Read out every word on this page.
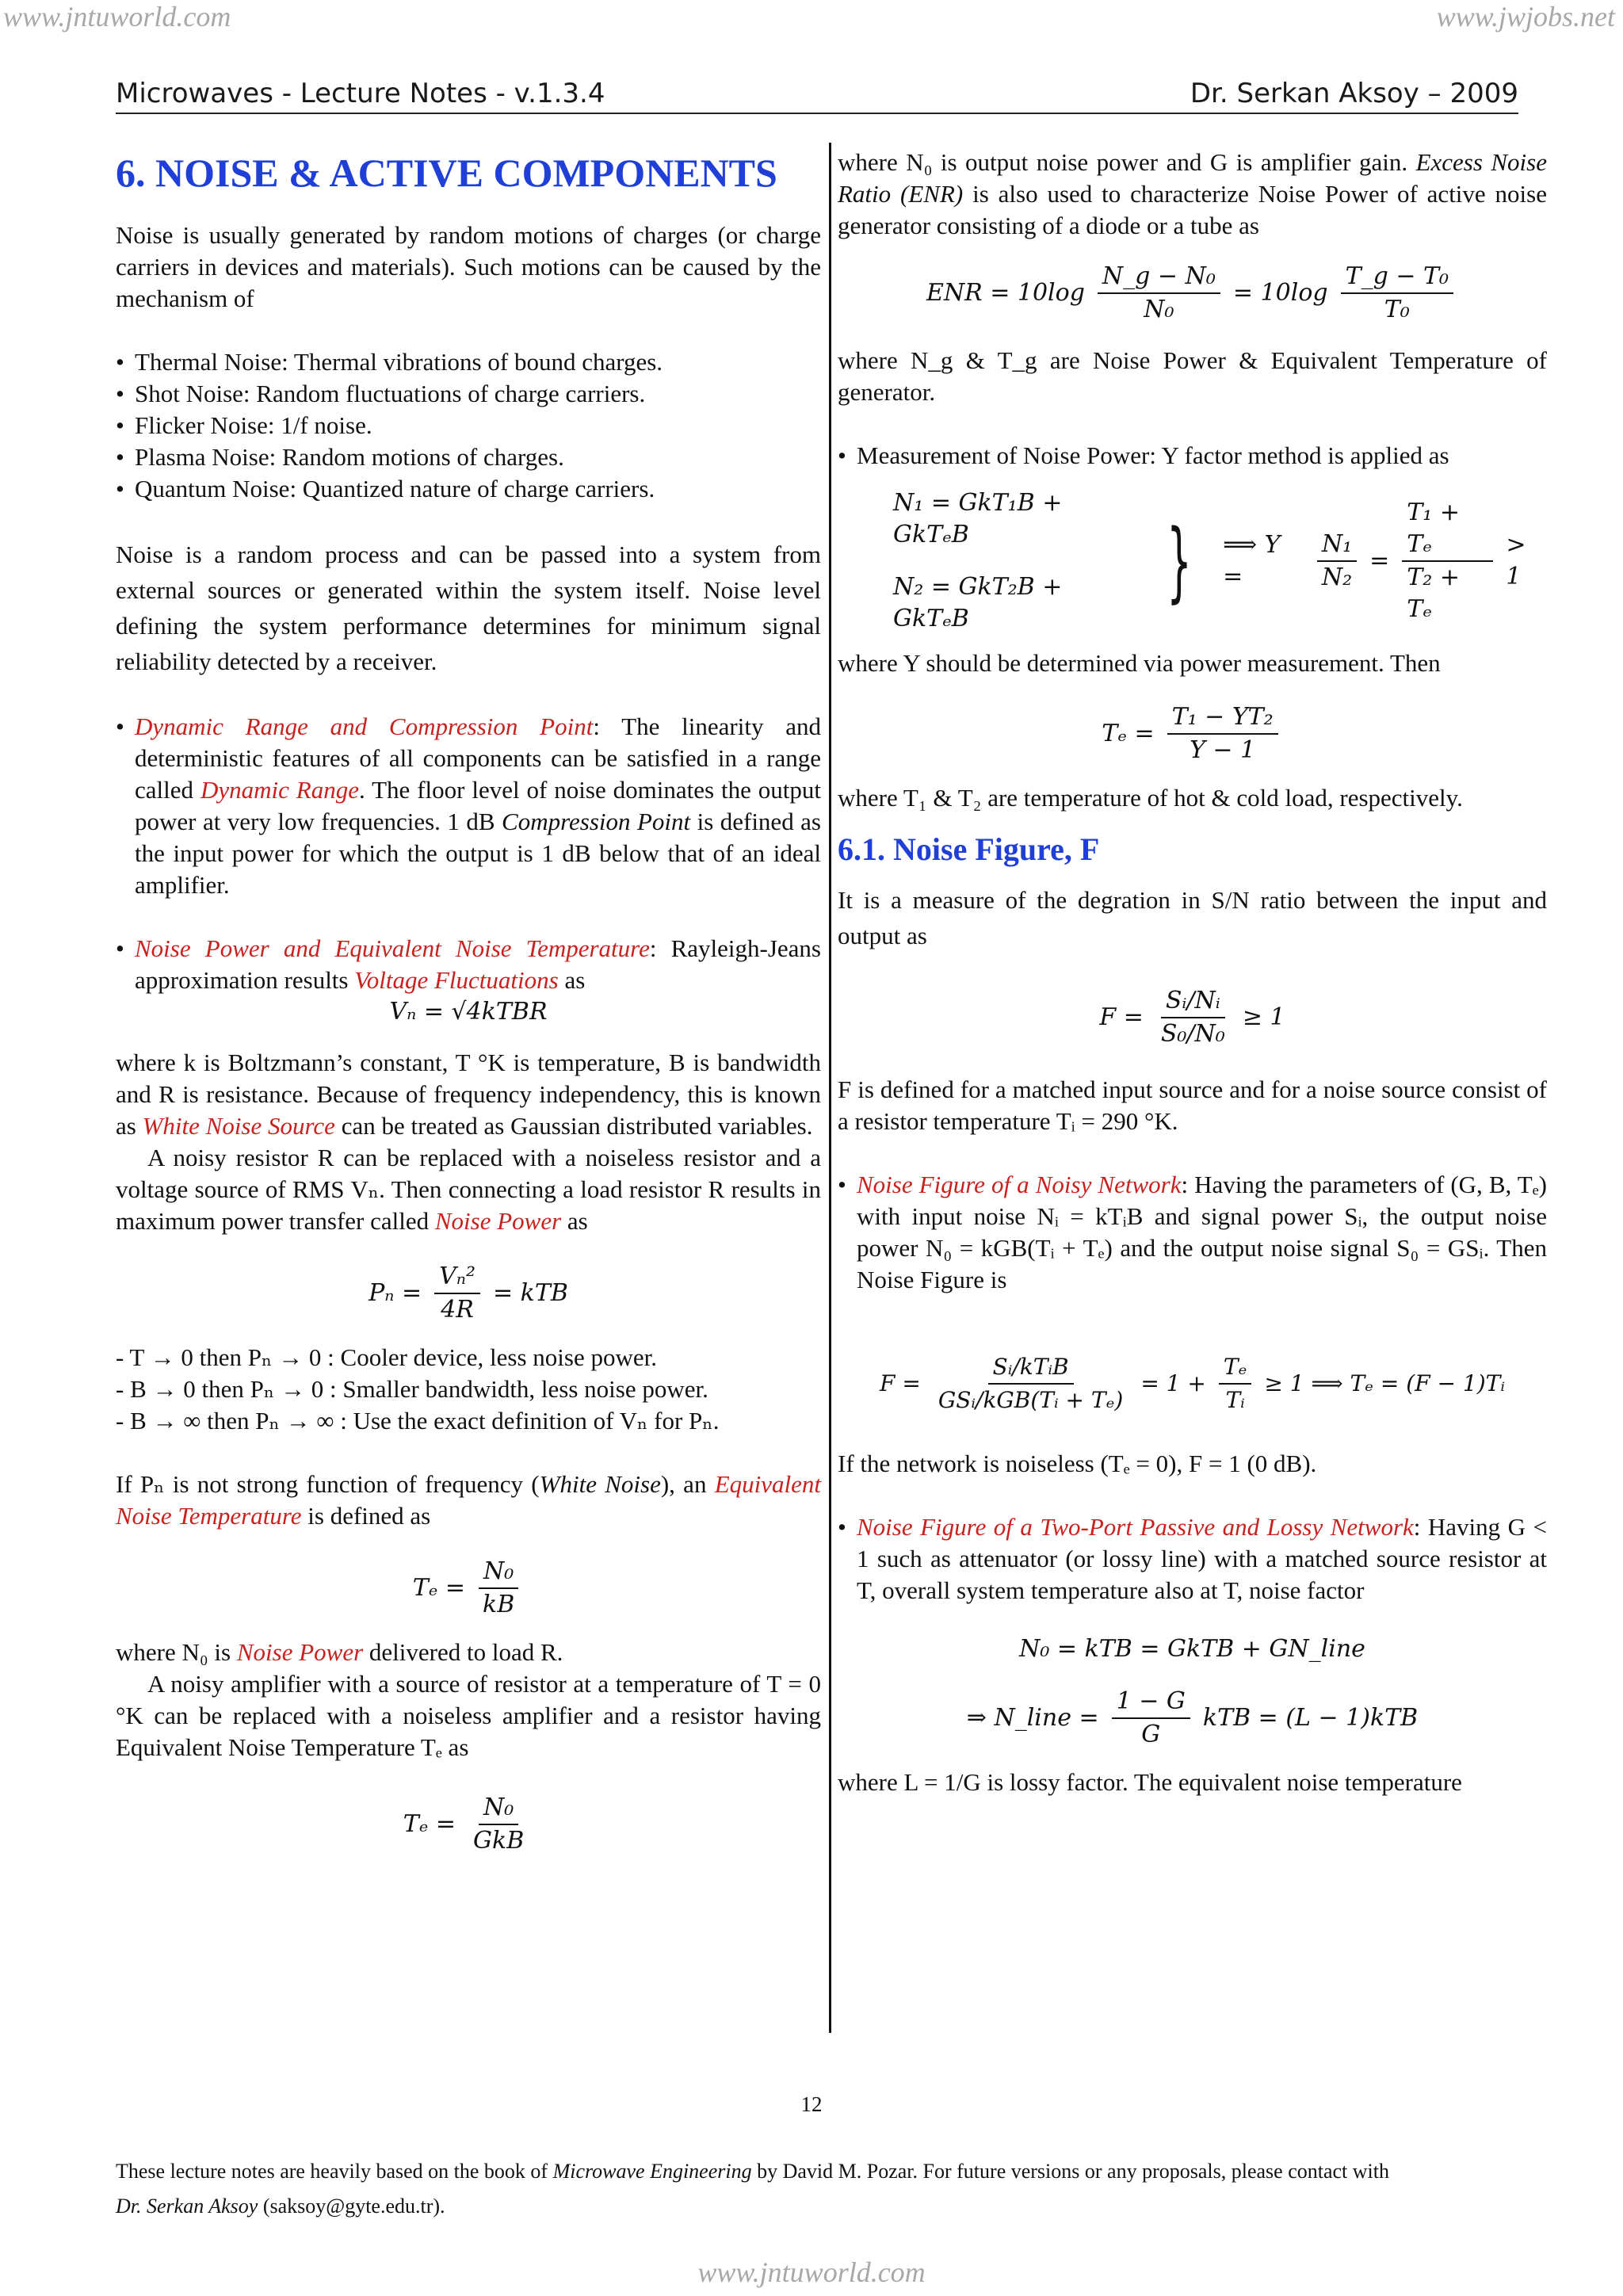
www.jntuworld.com	www.jwjobs.net
Microwaves - Lecture Notes - v.1.3.4	Dr. Serkan Aksoy – 2009
6. NOISE & ACTIVE COMPONENTS

Noise is usually generated by random motions of charges (or charge carriers in devices and materials). Such motions can be caused by the mechanism of

• Thermal Noise: Thermal vibrations of bound charges.
• Shot Noise: Random fluctuations of charge carriers.
• Flicker Noise: 1/f noise.
• Plasma Noise: Random motions of charges.
• Quantum Noise: Quantized nature of charge carriers.

Noise is a random process and can be passed into a system from external sources or generated within the system itself. Noise level defining the system performance determines for minimum signal reliability detected by a receiver.

• Dynamic Range and Compression Point: The linearity and deterministic features of all components can be satisfied in a range called Dynamic Range. The floor level of noise dominates the output power at very low frequencies. 1 dB Compression Point is defined as the input power for which the output is 1 dB below that of an ideal amplifier.
• Noise Power and Equivalent Noise Temperature: Rayleigh-Jeans approximation results Voltage Fluctuations as
Vₙ = √4kTBR

where k is Boltzmann’s constant, T °K is temperature, B is bandwidth and R is resistance. Because of frequency independency, this is known as White Noise Source can be treated as Gaussian distributed variables.

A noisy resistor R can be replaced with a noiseless resistor and a voltage source of RMS Vₙ. Then connecting a load resistor R results in maximum power transfer called Noise Power as

$P_n = \frac{\text{Vₙ²}}{4R}$ = kTB
- T → 0 then Pₙ → 0 : Cooler device, less noise power.
- B → 0 then Pₙ → 0 : Smaller bandwidth, less noise power.
- B → ∞ then Pₙ → ∞ : Use the exact definition of Vₙ for Pₙ.

If Pₙ is not strong function of frequency (White Noise), an Equivalent Noise Temperature is defined as

$T_e = \frac{\text{N₀}}{kB}$

where N₀ is Noise Power delivered to load R.

A noisy amplifier with a source of resistor at a temperature of T = 0 °K can be replaced with a noiseless amplifier and a resistor having Equivalent Noise Temperature Tₑ as

$T_e = \frac{\text{N₀}}{\text{GkB}}$

where N₀ is output noise power and G is amplifier gain. Excess Noise Ratio (ENR) is also used to characterize Noise Power of active noise generator consisting of a diode or a tube as

ENR = $10\log \frac{\text{N\_g − N₀}}{\text{N₀}} = 10\log \frac{\text{T\_g − T₀}}{\text{T₀}}$

where N_g & T_g are Noise Power & Equivalent Temperature of generator.

• Measurement of Noise Power: Y factor method is applied as
N₁ = GkT₁B + GkTₑB
N₂ = GkT₂B + GkTₑB
} ⟹ Y =	$\frac{\text{N₁}}{\text{N₂}} = \frac{\text{T₁ + Tₑ}}{\text{T₂ + Tₑ}} > 1$

where Y should be determined via power measurement. Then

$T_e = \frac{\text{T₁ − YT₂}}{Y - 1}$

where T₁ & T₂ are temperature of hot & cold load, respectively.

6.1. Noise Figure, F

It is a measure of the degration in S/N ratio between the input and output as

$F = \frac{\text{Sᵢ/Nᵢ}}{\text{S₀/N₀}} \ge 1$

F is defined for a matched input source and for a noise source consist of a resistor temperature Tᵢ = 290 °K.

• Noise Figure of a Noisy Network: Having the parameters of (G, B, Tₑ) with input noise Nᵢ = kTᵢB and signal power Sᵢ, the output noise power N₀ = kGB(Tᵢ + Tₑ) and the output noise signal S₀ = GSᵢ. Then Noise Figure is
$F = \frac{\text{Sᵢ/kTᵢB}}{\text{GSᵢ/kGB(Tᵢ + Tₑ)}} = 1 + \frac{\text{Tₑ}}{\text{Tᵢ}} \ge 1$ ⟹ Tₑ = (F − 1)Tᵢ

If the network is noiseless (Tₑ = 0), F = 1 (0 dB).

• Noise Figure of a Two-Port Passive and Lossy Network: Having G < 1 such as attenuator (or lossy line) with a matched source resistor at T, overall system temperature also at T, noise factor
N₀ = kTB = GkTB + GN_line
⇒ N_line = $\frac{1 - G}{G}$ kTB = (L − 1)kTB

where L = 1/G is lossy factor. The equivalent noise temperature

12
These lecture notes are heavily based on the book of Microwave Engineering by David M. Pozar. For future versions or any proposals, please contact with
Dr. Serkan Aksoy (saksoy@gyte.edu.tr).
www.jntuworld.com
